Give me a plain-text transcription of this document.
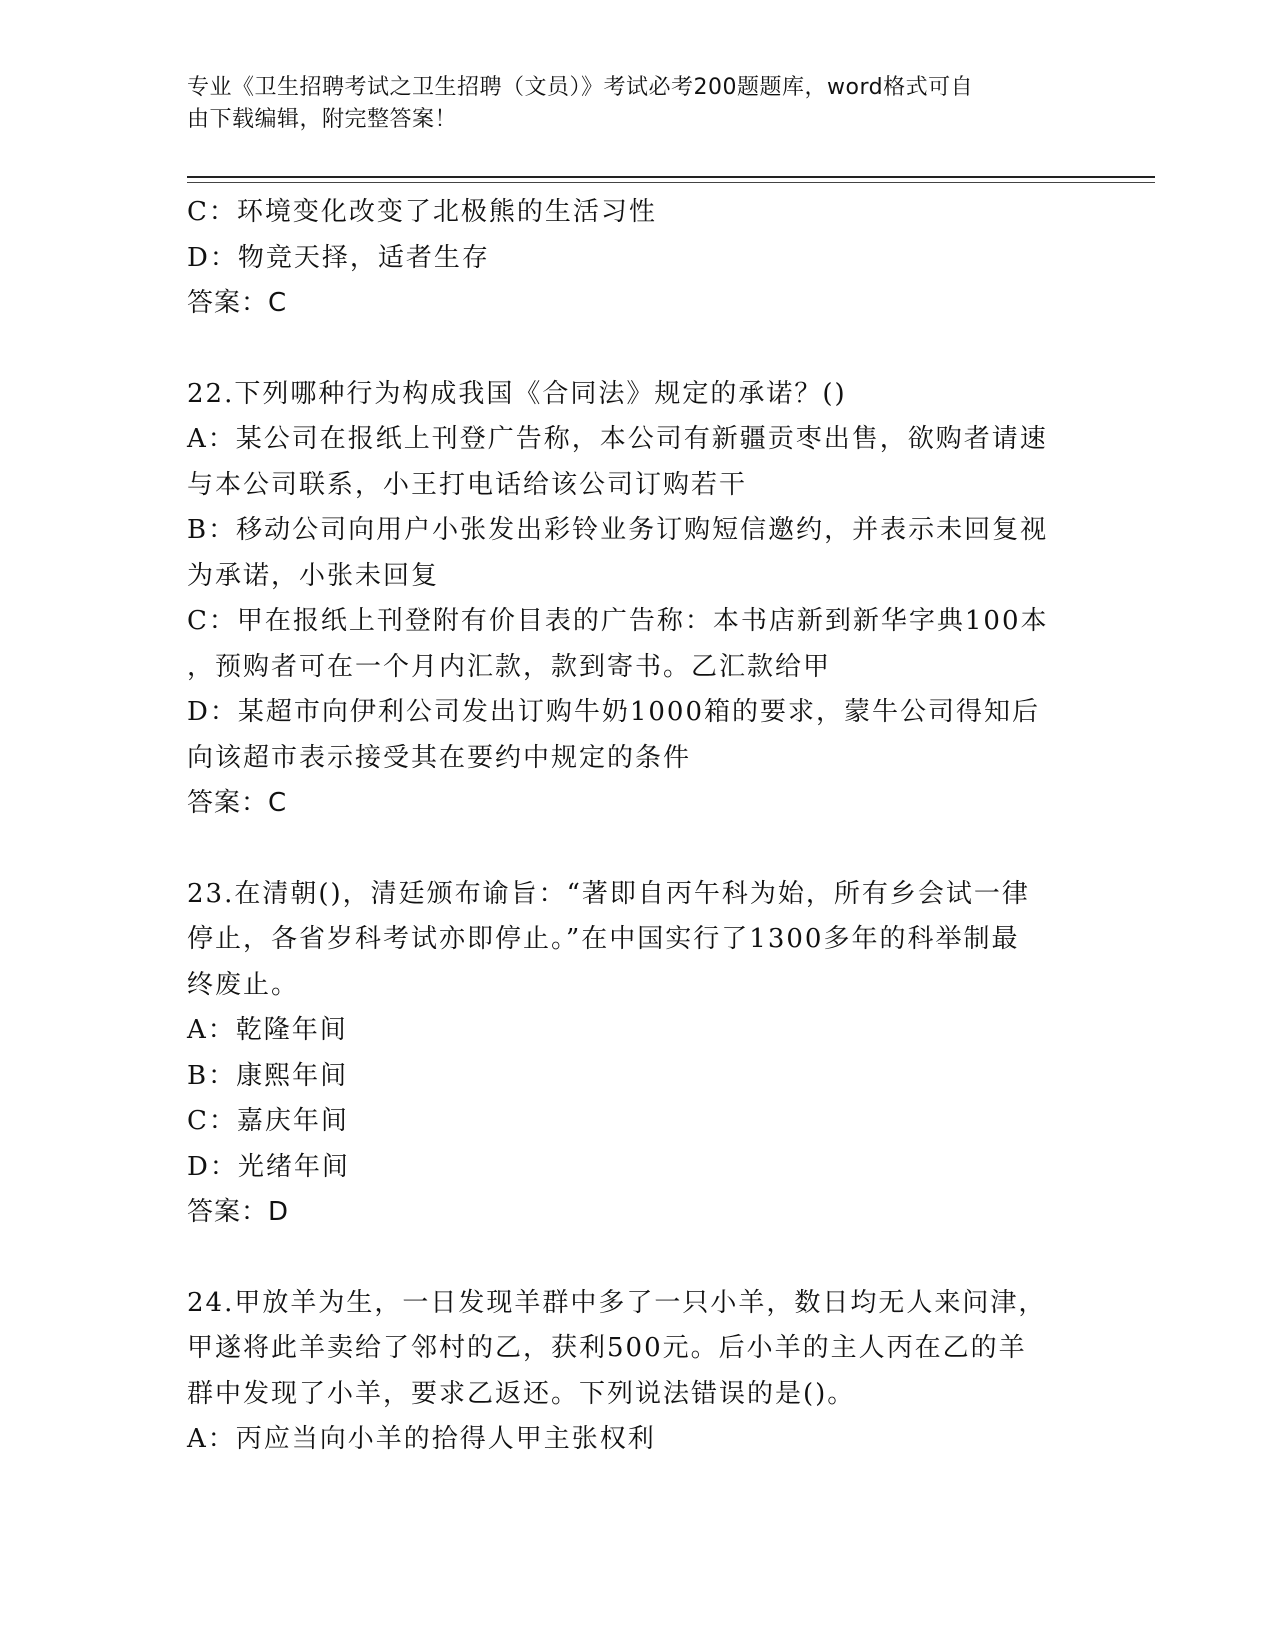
专业《卫生招聘考试之卫生招聘（文员）》考试必考200题题库，word格式可自
由下载编辑，附完整答案！
C：环境变化改变了北极熊的生活习性
D：物竞天择，适者生存
答案：C
22.下列哪种行为构成我国《合同法》规定的承诺？()
A：某公司在报纸上刊登广告称，本公司有新疆贡枣出售，欲购者请速
与本公司联系，小王打电话给该公司订购若干
B：移动公司向用户小张发出彩铃业务订购短信邀约，并表示未回复视
为承诺，小张未回复
C：甲在报纸上刊登附有价目表的广告称：本书店新到新华字典100本
，预购者可在一个月内汇款，款到寄书。乙汇款给甲
D：某超市向伊利公司发出订购牛奶1000箱的要求，蒙牛公司得知后
向该超市表示接受其在要约中规定的条件
答案：C
23.在清朝()，清廷颁布谕旨：“著即自丙午科为始，所有乡会试一律
停止，各省岁科考试亦即停止。”在中国实行了1300多年的科举制最
终废止。
A：乾隆年间
B：康熙年间
C：嘉庆年间
D：光绪年间
答案：D
24.甲放羊为生，一日发现羊群中多了一只小羊，数日均无人来问津，
甲遂将此羊卖给了邻村的乙，获利500元。后小羊的主人丙在乙的羊
群中发现了小羊，要求乙返还。下列说法错误的是()。
A：丙应当向小羊的拾得人甲主张权利
